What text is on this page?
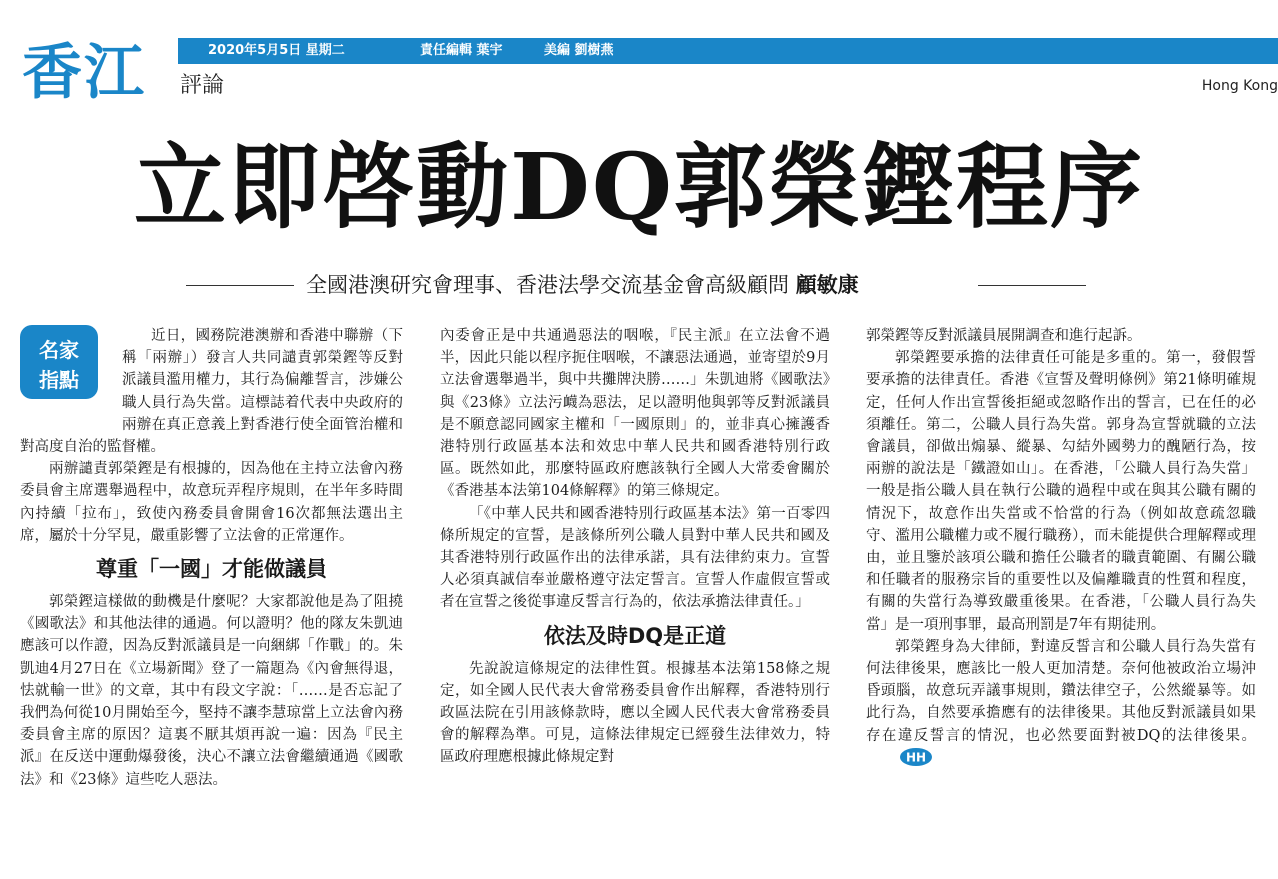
香江	2020年5月5日 星期二	責任編輯 葉宇	美編 劉樹燕
評論	Hong Kong
立即啓動DQ郭榮鏗程序
全國港澳研究會理事、香港法學交流基金會高級顧問 顧敏康
名家
指點

近日，國務院港澳辦和香港中聯辦（下稱「兩辦」）發言人共同譴責郭榮鏗等反對派議員濫用權力，其行為偏離誓言，涉嫌公職人員行為失當。這標誌着代表中央政府的兩辦在真正意義上對香港行使全面管治權和對高度自治的監督權。

兩辦譴責郭榮鏗是有根據的，因為他在主持立法會內務委員會主席選舉過程中，故意玩弄程序規則，在半年多時間內持續「拉布」，致使內務委員會開會16次都無法選出主席，屬於十分罕見，嚴重影響了立法會的正常運作。

尊重「一國」才能做議員

郭榮鏗這樣做的動機是什麼呢？大家都說他是為了阻撓《國歌法》和其他法律的通過。何以證明？他的隊友朱凱迪應該可以作證，因為反對派議員是一向綑綁「作戰」的。朱凱迪4月27日在《立場新聞》登了一篇題為《內會無得退，怯就輸一世》的文章，其中有段文字說：「……是否忘記了我們為何從10月開始至今，堅持不讓李慧琼當上立法會內務委員會主席的原因？這裏不厭其煩再說一遍：因為『民主派』在反送中運動爆發後，決心不讓立法會繼續通過《國歌法》和《23條》這些吃人惡法。

內委會正是中共通過惡法的咽喉，『民主派』在立法會不過半，因此只能以程序扼住咽喉，不讓惡法通過，並寄望於9月立法會選舉過半，與中共攤牌決勝……」朱凱迪將《國歌法》與《23條》立法污衊為惡法，足以證明他與郭等反對派議員是不願意認同國家主權和「一國原則」的，並非真心擁護香港特別行政區基本法和效忠中華人民共和國香港特別行政區。既然如此，那麼特區政府應該執行全國人大常委會關於《香港基本法第104條解釋》的第三條規定。

「《中華人民共和國香港特別行政區基本法》第一百零四條所規定的宣誓，是該條所列公職人員對中華人民共和國及其香港特別行政區作出的法律承諾，具有法律約束力。宣誓人必須真誠信奉並嚴格遵守法定誓言。宣誓人作虛假宣誓或者在宣誓之後從事違反誓言行為的，依法承擔法律責任。」

依法及時DQ是正道

先說說這條規定的法律性質。根據基本法第158條之規定，如全國人民代表大會常務委員會作出解釋，香港特別行政區法院在引用該條款時，應以全國人民代表大會常務委員會的解釋為準。可見，這條法律規定已經發生法律效力，特區政府理應根據此條規定對

郭榮鏗等反對派議員展開調查和進行起訴。

郭榮鏗要承擔的法律責任可能是多重的。第一，發假誓要承擔的法律責任。香港《宣誓及聲明條例》第21條明確規定，任何人作出宣誓後拒絕或忽略作出的誓言，已在任的必須離任。第二，公職人員行為失當。郭身為宣誓就職的立法會議員，卻做出煽暴、縱暴、勾結外國勢力的醜陋行為，按兩辦的說法是「鐵證如山」。在香港，「公職人員行為失當」一般是指公職人員在執行公職的過程中或在與其公職有關的情況下，故意作出失當或不恰當的行為（例如故意疏忽職守、濫用公職權力或不履行職務），而未能提供合理解釋或理由，並且鑒於該項公職和擔任公職者的職責範圍、有關公職和任職者的服務宗旨的重要性以及偏離職責的性質和程度，有關的失當行為導致嚴重後果。在香港，「公職人員行為失當」是一項刑事罪，最高刑罰是7年有期徒刑。

郭榮鏗身為大律師，對違反誓言和公職人員行為失當有何法律後果，應該比一般人更加清楚。奈何他被政治立場沖昏頭腦，故意玩弄議事規則，鑽法律空子，公然縱暴等。如此行為，自然要承擔應有的法律後果。其他反對派議員如果存在違反誓言的情況，也必然要面對被DQ的法律後果。
HH
